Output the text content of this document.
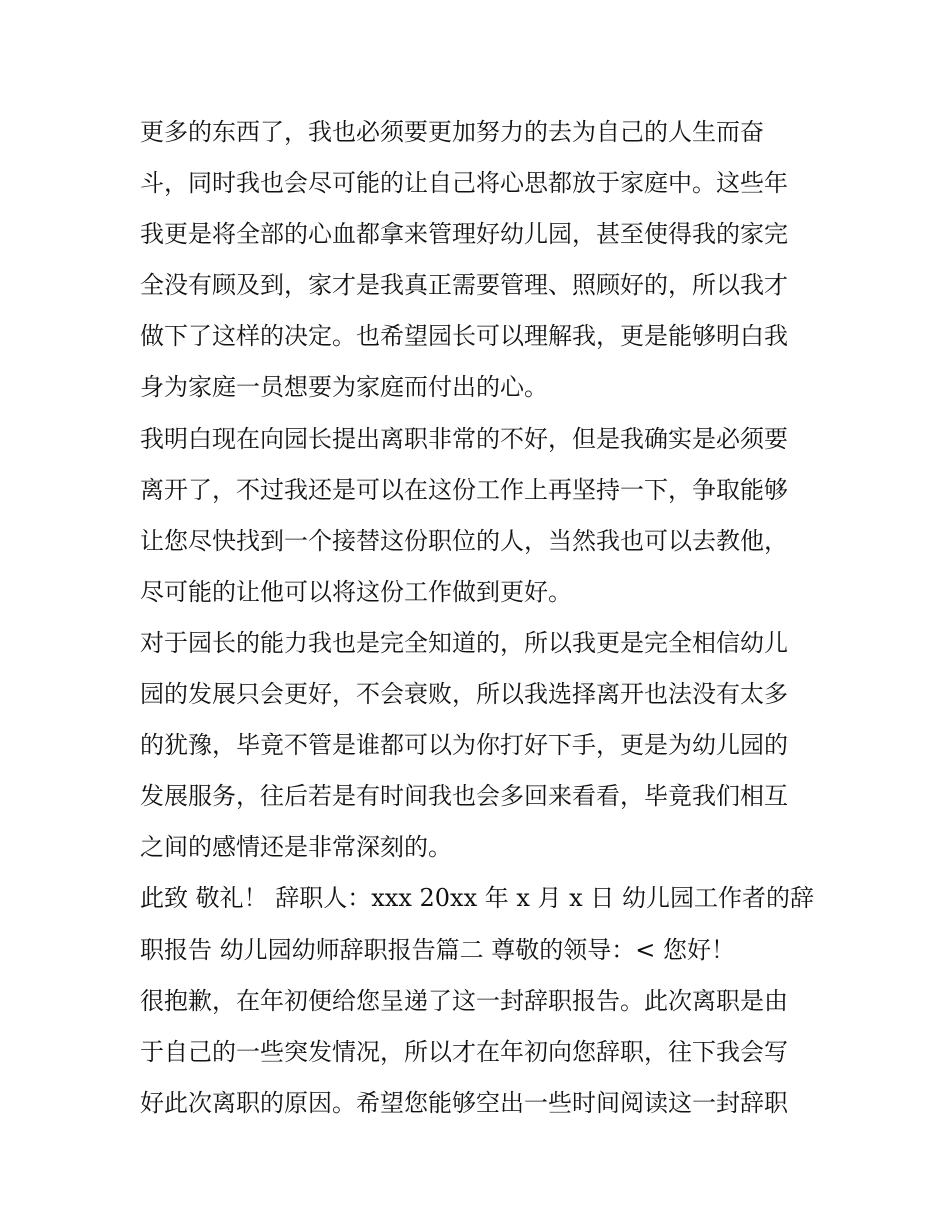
更多的东西了，我也必须要更加努力的去为自己的人生而奋
斗，同时我也会尽可能的让自己将心思都放于家庭中。这些年
我更是将全部的心血都拿来管理好幼儿园，甚至使得我的家完
全没有顾及到，家才是我真正需要管理、照顾好的，所以我才
做下了这样的决定。也希望园长可以理解我，更是能够明白我
身为家庭一员想要为家庭而付出的心。
我明白现在向园长提出离职非常的不好，但是我确实是必须要
离开了，不过我还是可以在这份工作上再坚持一下，争取能够
让您尽快找到一个接替这份职位的人，当然我也可以去教他，
尽可能的让他可以将这份工作做到更好。
对于园长的能力我也是完全知道的，所以我更是完全相信幼儿
园的发展只会更好，不会衰败，所以我选择离开也法没有太多
的犹豫，毕竟不管是谁都可以为你打好下手，更是为幼儿园的
发展服务，往后若是有时间我也会多回来看看，毕竟我们相互
之间的感情还是非常深刻的。
此致 敬礼！ 辞职人：xxx 20xx 年 x 月 x 日 幼儿园工作者的辞
职报告 幼儿园幼师辞职报告篇二 尊敬的领导：< 您好！
很抱歉，在年初便给您呈递了这一封辞职报告。此次离职是由
于自己的一些突发情况，所以才在年初向您辞职，往下我会写
好此次离职的原因。希望您能够空出一些时间阅读这一封辞职
